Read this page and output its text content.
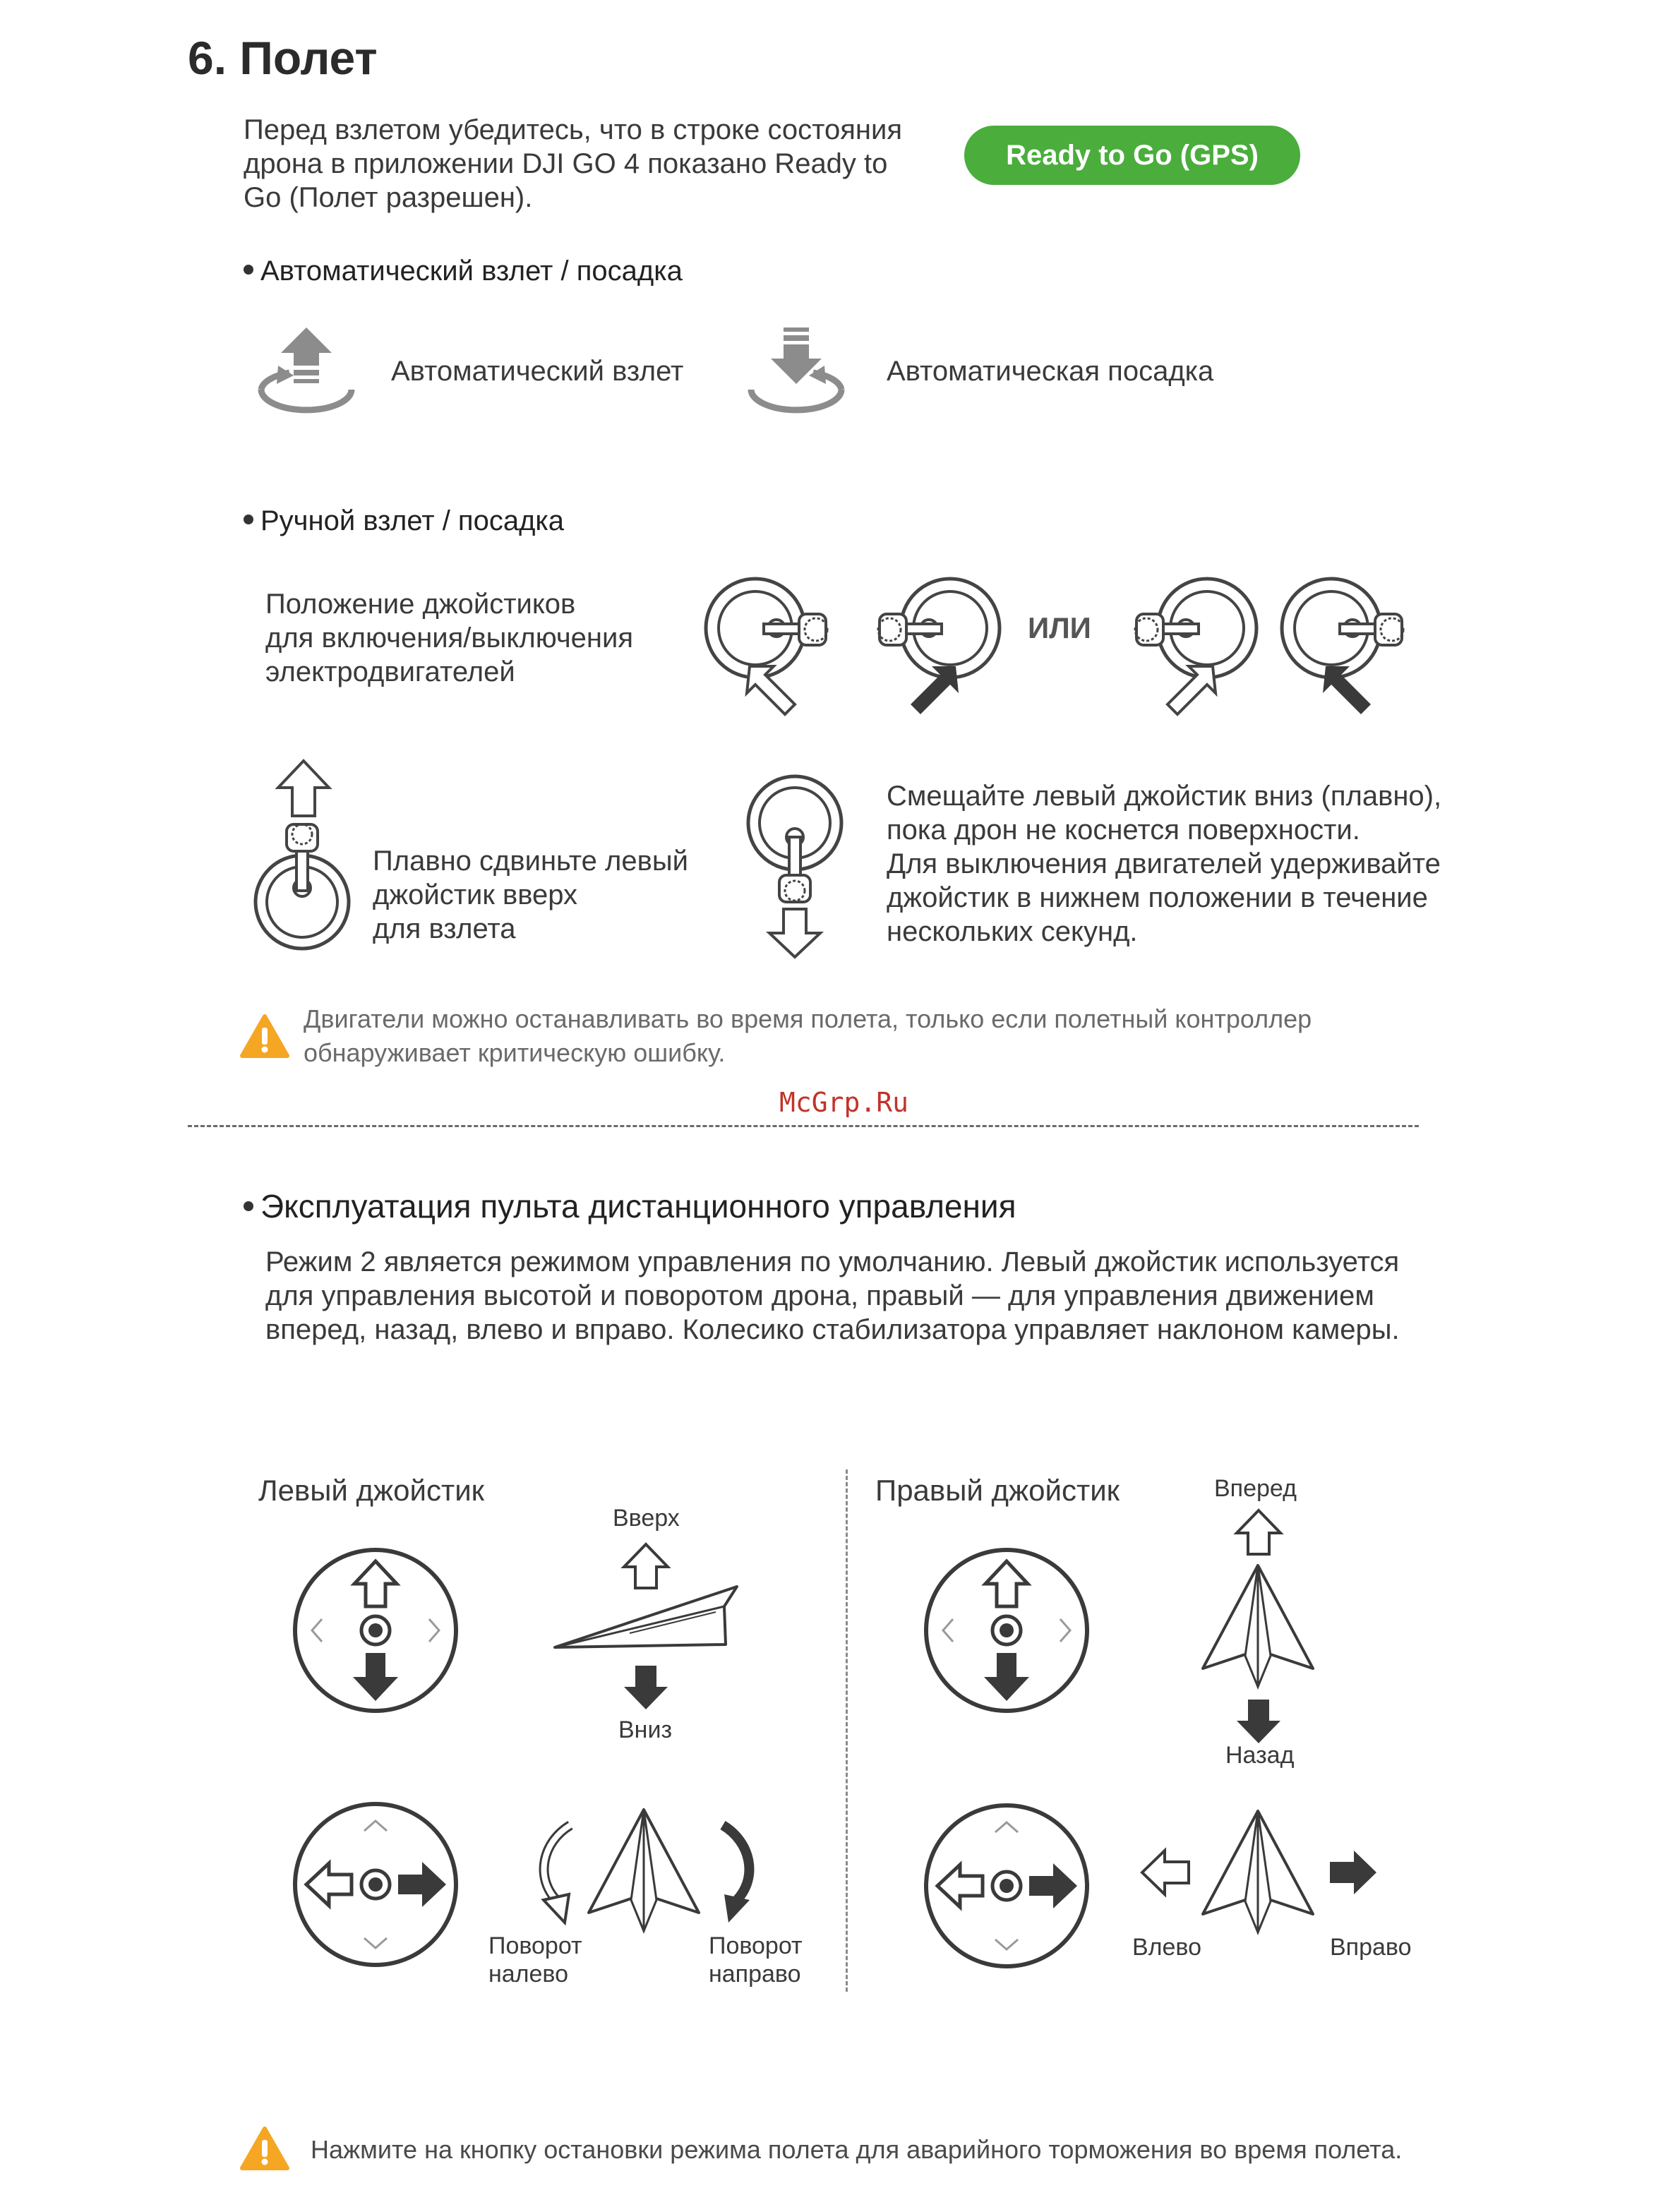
6. Полет
Перед взлетом убедитесь, что в строке состояния
дрона в приложении DJI GO 4 показано Ready to
Go (Полет разрешен).
Ready to Go (GPS)
Автоматический взлет / посадка
Автоматический взлет	Автоматическая посадка
Ручной взлет / посадка
Положение джойстиков
для включения/выключения
электродвигателей
ИЛИ
Плавно сдвиньте левый
джойстик вверх
для взлета
Смещайте левый джойстик вниз (плавно),
пока дрон не коснется поверхности.
Для выключения двигателей удерживайте
джойстик в нижнем положении в течение
нескольких секунд.
Двигатели можно останавливать во время полета, только если полетный контроллер
обнаруживает критическую ошибку.
McGrp.Ru
Эксплуатация пульта дистанционного управления
Режим 2 является режимом управления по умолчанию. Левый джойстик используется
для управления высотой и поворотом дрона, правый — для управления движением
вперед, назад, влево и вправо. Колесико стабилизатора управляет наклоном камеры.
Левый джойстик
Вверх
Вниз
Поворот
налево
Поворот
направо
Правый джойстик	Вперед
Назад
Влево	Вправо
Нажмите на кнопку остановки режима полета для аварийного торможения во время полета.
